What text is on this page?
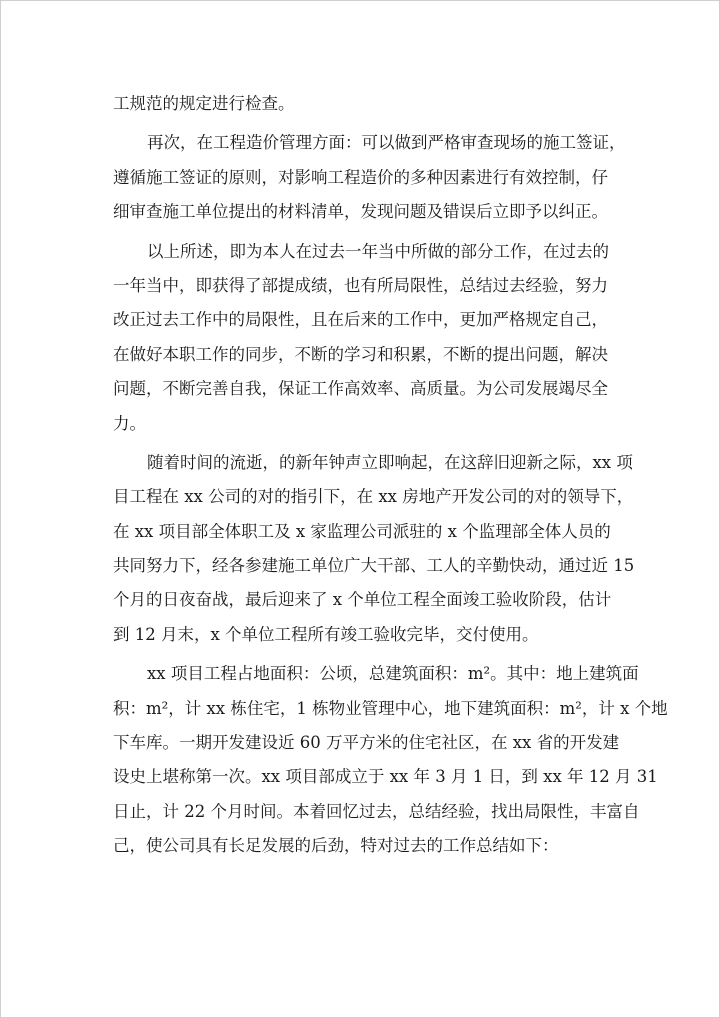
工规范的规定进行检查。
再次，在工程造价管理方面：可以做到严格审查现场的施工签证，
遵循施工签证的原则，对影响工程造价的多种因素进行有效控制，仔
细审查施工单位提出的材料清单，发现问题及错误后立即予以纠正。
以上所述，即为本人在过去一年当中所做的部分工作，在过去的
一年当中，即获得了部提成绩，也有所局限性，总结过去经验，努力
改正过去工作中的局限性，且在后来的工作中，更加严格规定自己，
在做好本职工作的同步，不断的学习和积累，不断的提出问题，解决
问题，不断完善自我，保证工作高效率、高质量。为公司发展竭尽全
力。
随着时间的流逝，的新年钟声立即响起，在这辞旧迎新之际，xx 项
目工程在 xx 公司的对的指引下，在 xx 房地产开发公司的对的领导下，
在 xx 项目部全体职工及 x 家监理公司派驻的 x 个监理部全体人员的
共同努力下，经各参建施工单位广大干部、工人的辛勤快动，通过近 15
个月的日夜奋战，最后迎来了 x 个单位工程全面竣工验收阶段，估计
到 12 月末，x 个单位工程所有竣工验收完毕，交付使用。
xx 项目工程占地面积：公顷，总建筑面积：m²。其中：地上建筑面
积：m²，计 xx 栋住宅，1 栋物业管理中心，地下建筑面积：m²，计 x 个地
下车库。一期开发建设近 60 万平方米的住宅社区，在 xx 省的开发建
设史上堪称第一次。xx 项目部成立于 xx 年 3 月 1 日，到 xx 年 12 月 31
日止，计 22 个月时间。本着回忆过去，总结经验，找出局限性，丰富自
己，使公司具有长足发展的后劲，特对过去的工作总结如下：
